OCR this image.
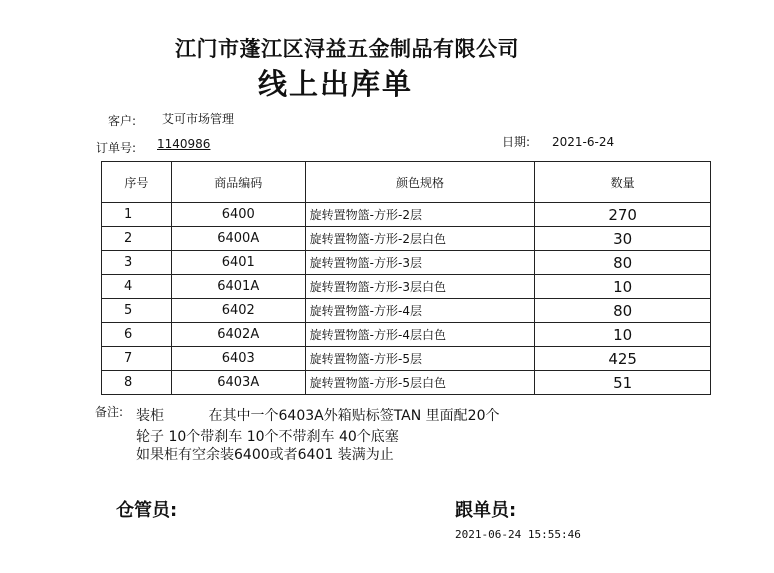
江门市蓬江区浔益五金制品有限公司
线上出库单
客户: 艾可市场管理
订单号: 1140986	日期: 2021-6-24
序号	商品编码	颜色规格	数量
1	6400	旋转置物篮-方形-2层	270
2	6400A	旋转置物篮-方形-2层白色	30
3	6401	旋转置物篮-方形-3层	80
4	6401A	旋转置物篮-方形-3层白色	10
5	6402	旋转置物篮-方形-4层	80
6	6402A	旋转置物篮-方形-4层白色	10
7	6403	旋转置物篮-方形-5层	425
8	6403A	旋转置物篮-方形-5层白色	51
备注: 装柜          在其中一个6403A外箱贴标签TAN 里面配20个
轮子 10个带刹车 10个不带刹车 40个底塞
如果柜有空余装6400或者6401 装满为止
仓管员:	跟单员:
2021-06-24 15:55:46
